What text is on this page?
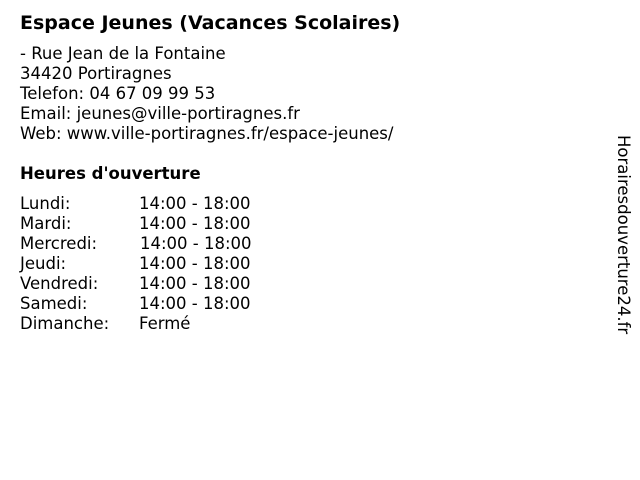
Espace Jeunes (Vacances Scolaires)
- Rue Jean de la Fontaine
34420 Portiragnes
Telefon: 04 67 09 99 53
Email: jeunes@ville-portiragnes.fr
Web: www.ville-portiragnes.fr/espace-jeunes/
Heures d'ouverture
Lundi:	14:00 - 18:00
Mardi:	14:00 - 18:00
Mercredi:	14:00 - 18:00
Jeudi:	14:00 - 18:00
Vendredi:	14:00 - 18:00
Samedi:	14:00 - 18:00
Dimanche:	Fermé	Horairesdouverture24.fr
